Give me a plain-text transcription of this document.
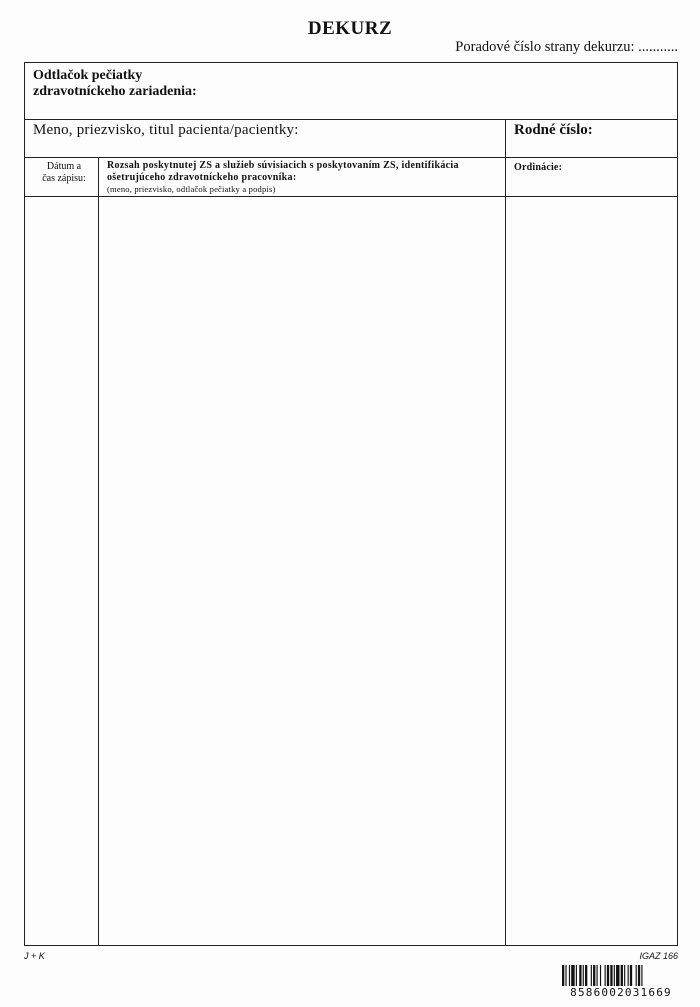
DEKURZ
Poradové číslo strany dekurzu: ...........
Odtlačok pečiatky
zdravotníckeho zariadenia:
Meno, priezvisko, titul pacienta/pacientky:	Rodné číslo:
Dátum a
čas zápisu:
Rozsah poskytnutej ZS a služieb súvisiacich s poskytovaním ZS, identifikácia
ošetrujúceho zdravotníckeho pracovníka:
(meno, priezvisko, odtlačok pečiatky a podpis)
Ordinácie:
J + K	IGAZ 166
8586002031669
